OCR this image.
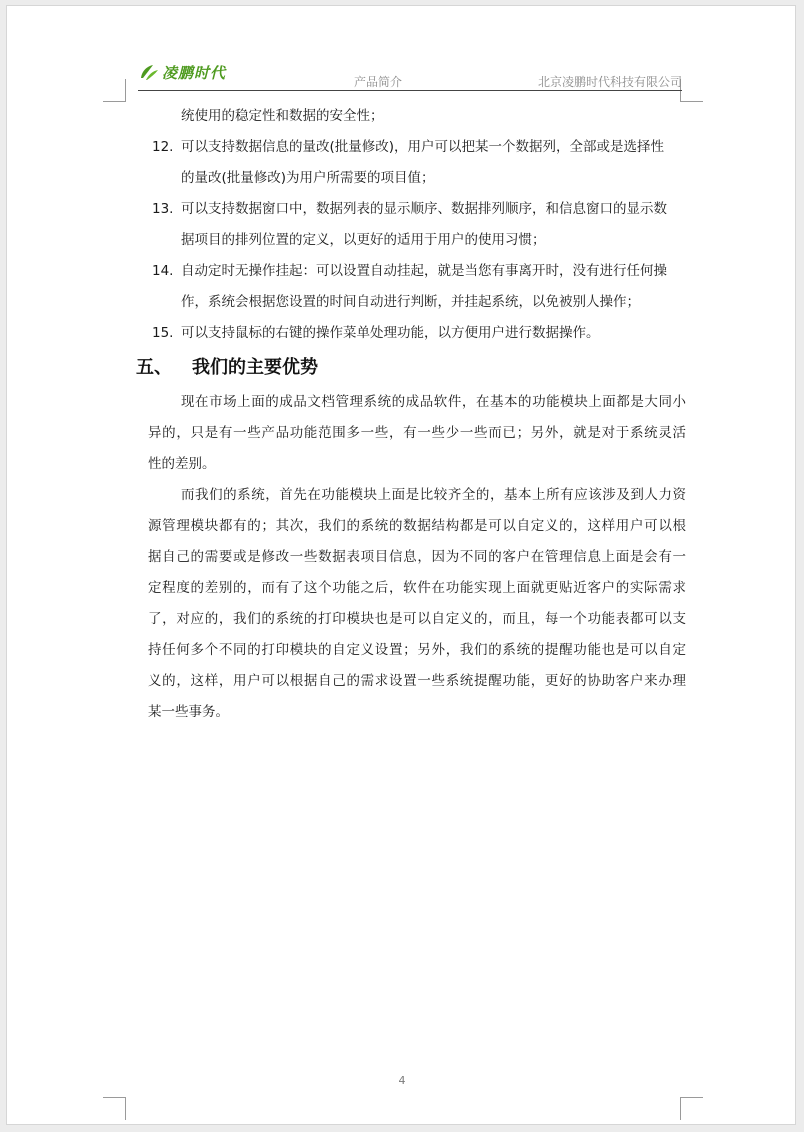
凌鹏时代
产品简介	北京凌鹏时代科技有限公司
统使用的稳定性和数据的安全性；
12. 可以支持数据信息的量改(批量修改)，用户可以把某一个数据列，全部或是选择性
的量改(批量修改)为用户所需要的项目值；
13. 可以支持数据窗口中，数据列表的显示顺序、数据排列顺序，和信息窗口的显示数
据项目的排列位置的定义，以更好的适用于用户的使用习惯；
14. 自动定时无操作挂起：可以设置自动挂起，就是当您有事离开时，没有进行任何操
作，系统会根据您设置的时间自动进行判断，并挂起系统，以免被别人操作；
15. 可以支持鼠标的右键的操作菜单处理功能，以方便用户进行数据操作。
五、 我们的主要优势
现在市场上面的成品文档管理系统的成品软件，在基本的功能模块上面都是大同小
异的，只是有一些产品功能范围多一些，有一些少一些而已；另外，就是对于系统灵活
性的差别。
而我们的系统，首先在功能模块上面是比较齐全的，基本上所有应该涉及到人力资
源管理模块都有的；其次，我们的系统的数据结构都是可以自定义的，这样用户可以根
据自己的需要或是修改一些数据表项目信息，因为不同的客户在管理信息上面是会有一
定程度的差别的，而有了这个功能之后，软件在功能实现上面就更贴近客户的实际需求
了，对应的，我们的系统的打印模块也是可以自定义的，而且，每一个功能表都可以支
持任何多个不同的打印模块的自定义设置；另外，我们的系统的提醒功能也是可以自定
义的，这样，用户可以根据自己的需求设置一些系统提醒功能，更好的协助客户来办理
某一些事务。
4
